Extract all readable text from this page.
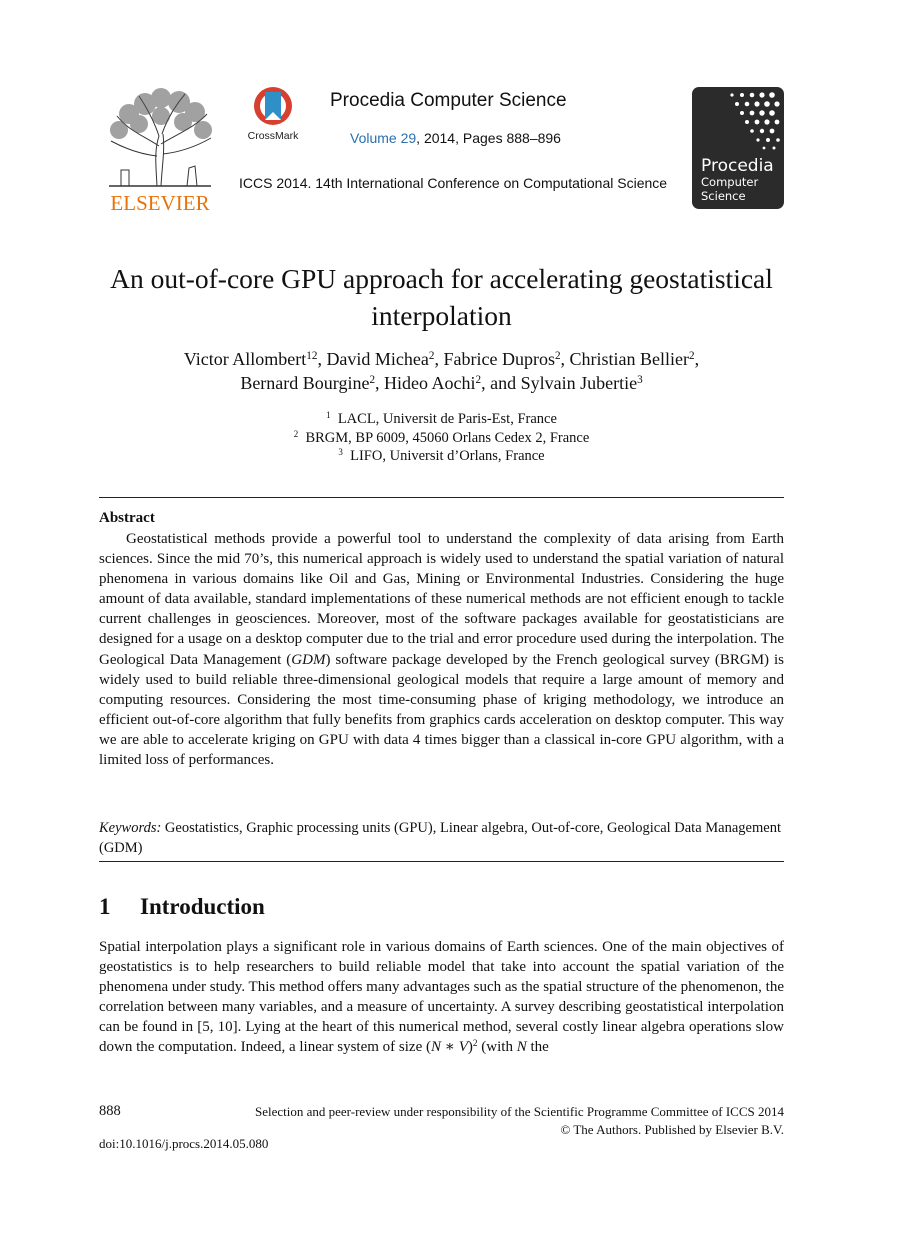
ELSEVIER
CrossMark
Procedia Computer Science
Volume 29, 2014, Pages 888–896
ICCS 2014. 14th International Conference on Computational Science
Procedia
Computer
Science
An out-of-core GPU approach for accelerating geostatistical
interpolation
Victor Allombert$^{12}$, David Michea$^2$, Fabrice Dupros$^2$, Christian Bellier$^2$,
Bernard Bourgine$^2$, Hideo Aochi$^2$, and Sylvain Jubertie$^3$
$^1$ LACL, Universit de Paris-Est, France
$^2$ BRGM, BP 6009, 45060 Orlans Cedex 2, France
$^3$ LIFO, Universit d’Orlans, France
Abstract
Geostatistical methods provide a powerful tool to understand the complexity of data arising from Earth sciences. Since the mid 70’s, this numerical approach is widely used to understand the spatial variation of natural phenomena in various domains like Oil and Gas, Mining or Environmental Industries. Considering the huge amount of data available, standard implementations of these numerical methods are not efficient enough to tackle current challenges in geosciences. Moreover, most of the software packages available for geostatisticians are designed for a usage on a desktop computer due to the trial and error procedure used during the interpolation. The Geological Data Management (GDM) software package developed by the French geological survey (BRGM) is widely used to build reliable three-dimensional geological models that require a large amount of memory and computing resources. Considering the most time-consuming phase of kriging methodology, we introduce an efficient out-of-core algorithm that fully benefits from graphics cards acceleration on desktop computer. This way we are able to accelerate kriging on GPU with data 4 times bigger than a classical in-core GPU algorithm, with a limited loss of performances.
Keywords: Geostatistics, Graphic processing units (GPU), Linear algebra, Out-of-core, Geological Data Management (GDM)
1 Introduction
Spatial interpolation plays a significant role in various domains of Earth sciences. One of the main objectives of geostatistics is to help researchers to build reliable model that take into account the spatial variation of the phenomena under study. This method offers many advantages such as the spatial structure of the phenomenon, the correlation between many variables, and a measure of uncertainty. A survey describing geostatistical interpolation can be found in [5, 10]. Lying at the heart of this numerical method, several costly linear algebra operations slow down the computation. Indeed, a linear system of size (N ∗ V)$^2$ (with N the
888	Selection and peer-review under responsibility of the Scientific Programme Committee of ICCS 2014
© The Authors. Published by Elsevier B.V.
doi:10.1016/j.procs.2014.05.080
